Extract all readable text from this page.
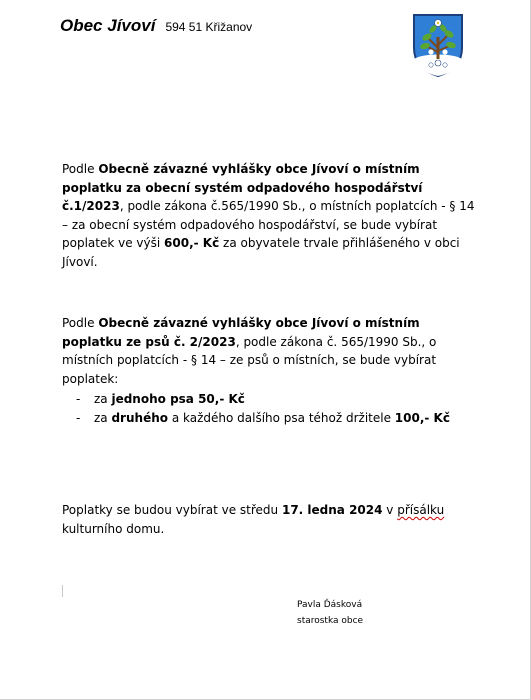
Obec Jívoví 594 51 Křižanov
Podle Obecně závazné vyhlášky obce Jívoví o místním poplatku za obecní systém odpadového hospodářství č.1/2023, podle zákona č.565/1990 Sb., o místních poplatcích - § 14 – za obecní systém odpadového hospodářství, se bude vybírat poplatek ve výši 600,- Kč za obyvatele trvale přihlášeného v obci Jívoví.
Podle Obecně závazné vyhlášky obce Jívoví o místním poplatku ze psů č. 2/2023, podle zákona č. 565/1990 Sb., o místních poplatcích - § 14 – ze psů o místních, se bude vybírat poplatek:
- za jednoho psa 50,- Kč
- za druhého a každého dalšího psa téhož držitele 100,- Kč
Poplatky se budou vybírat ve středu 17. ledna 2024 v přísálku kulturního domu.
Pavla Ďásková
starostka obce
